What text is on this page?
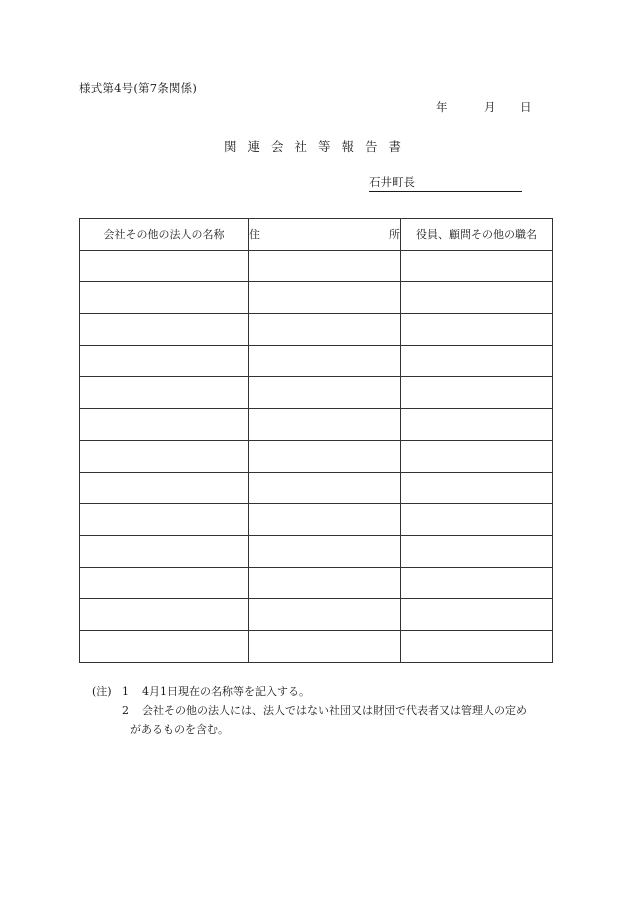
様式第4号(第7条関係)
年	月	日
関連会社等報告書
石井町長
会社その他の法人の名称	住 所	役員、顧問その他の職名

(注) 1	4月1日現在の名称等を記入する。
2	会社その他の法人には、法人ではない社団又は財団で代表者又は管理人の定め
があるものを含む。
